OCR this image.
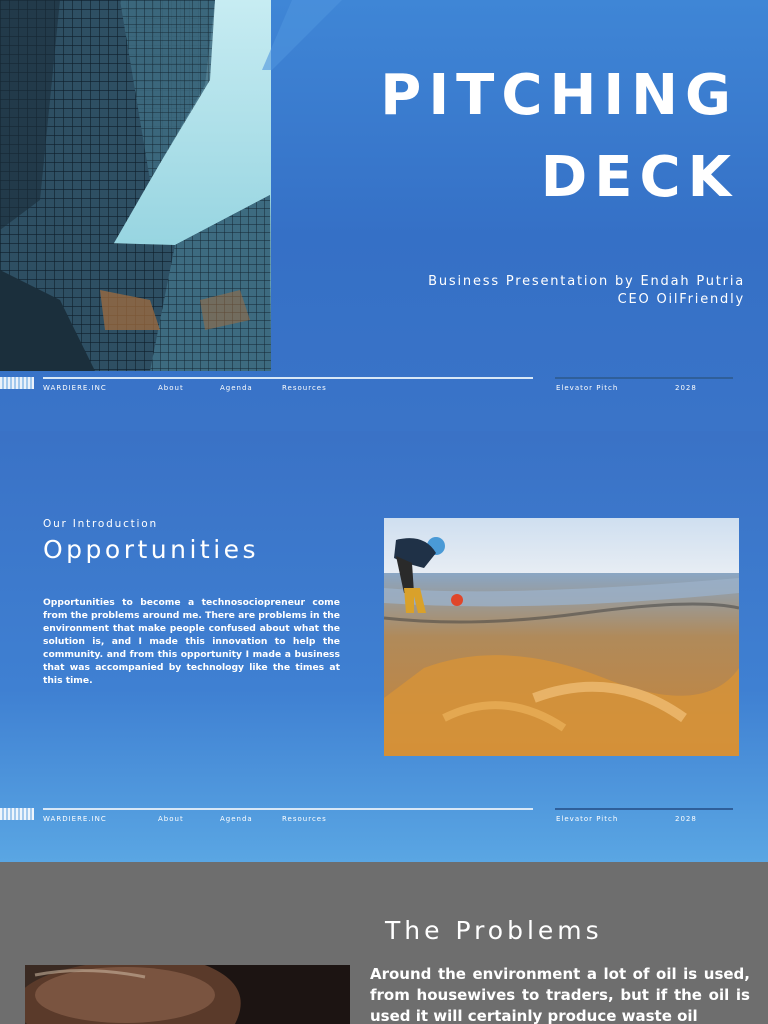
PITCHING
DECK
Business Presentation by Endah Putria
CEO OilFriendly
WARDIERE.INC	About	Agenda	Resources	Elevator Pitch	2028
Our Introduction
Opportunities

Opportunities to become a technosociopreneur come from the problems around me. There are problems in the environment that make people confused about what the solution is, and I made this innovation to help the community. and from this opportunity I made a business that was accompanied by technology like the times at this time.

WARDIERE.INC	About	Agenda	Resources	Elevator Pitch	2028
The Problems

Around the environment a lot of oil is used, from housewives to traders, but if the oil is used it will certainly produce waste oil
